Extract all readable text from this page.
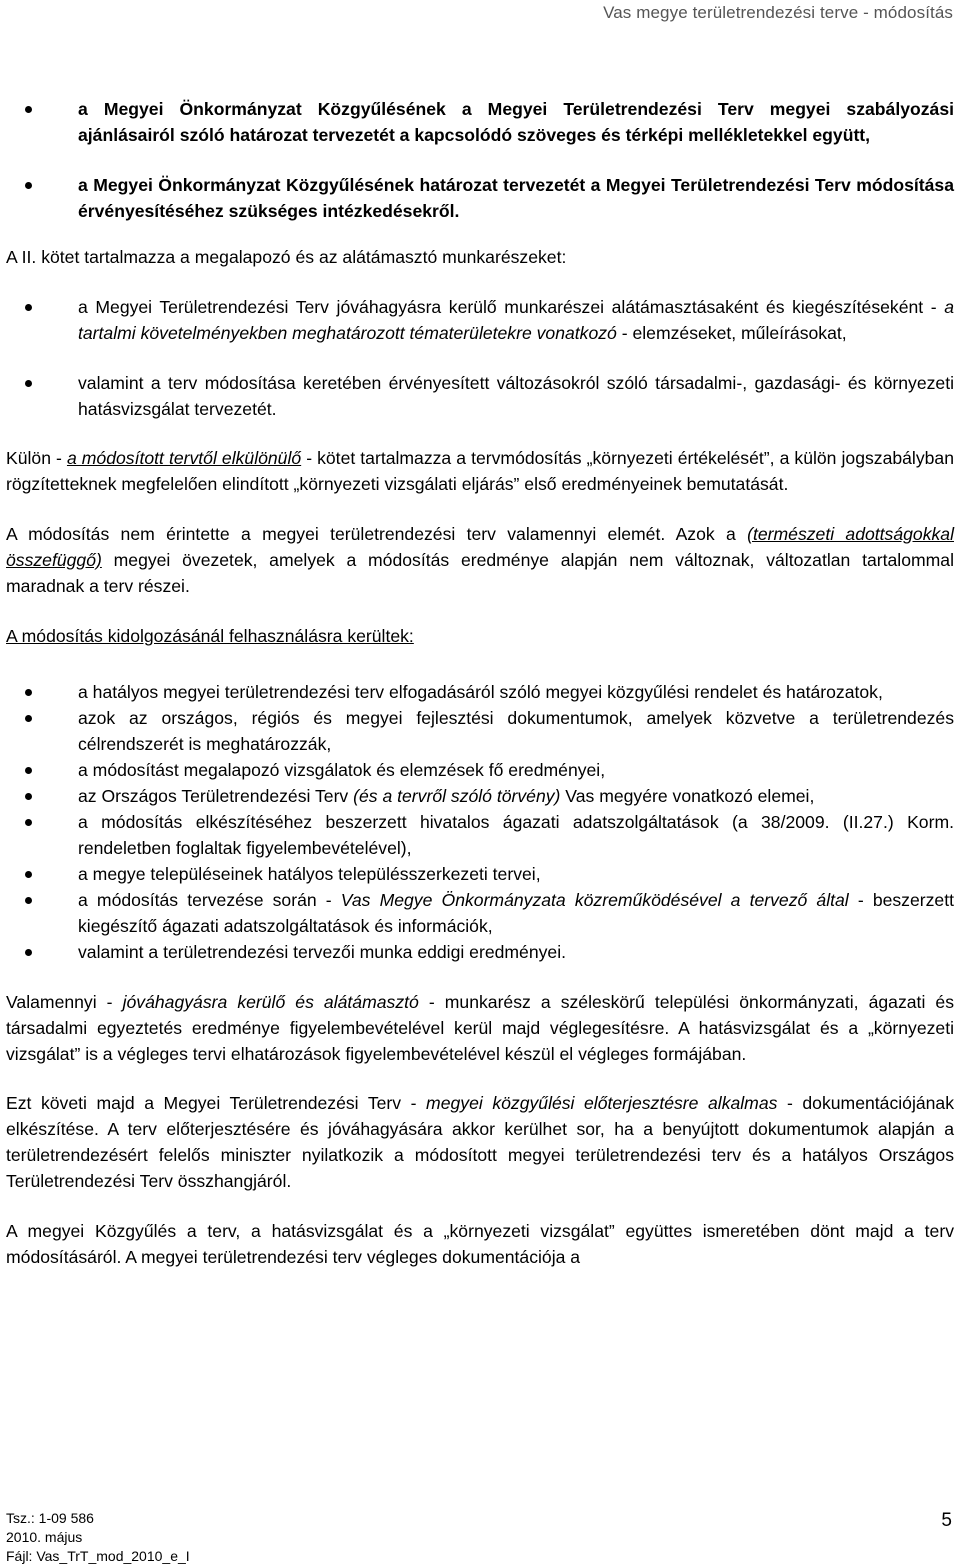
Vas megye területrendezési terve - módosítás
a Megyei Önkormányzat Közgyűlésének a Megyei Területrendezési Terv megyei szabályozási ajánlásairól szóló határozat tervezetét a kapcsolódó szöveges és térképi mellékletekkel együtt,
a Megyei Önkormányzat Közgyűlésének határozat tervezetét a Megyei Területrendezési Terv módosítása érvényesítéséhez szükséges intézkedésekről.

A II. kötet tartalmazza a megalapozó és az alátámasztó munkarészeket:

a Megyei Területrendezési Terv jóváhagyásra kerülő munkarészei alátámasztásaként és kiegészítéseként - a tartalmi követelményekben meghatározott tématerületekre vonatkozó - elemzéseket, műleírásokat,
valamint a terv módosítása keretében érvényesített változásokról szóló társadalmi-, gazdasági- és környezeti hatásvizsgálat tervezetét.

Külön - a módosított tervtől elkülönülő - kötet tartalmazza a tervmódosítás „környezeti értékelését”, a külön jogszabályban rögzítetteknek megfelelően elindított „környezeti vizsgálati eljárás” első eredményeinek bemutatását.

A módosítás nem érintette a megyei területrendezési terv valamennyi elemét. Azok a (természeti adottságokkal összefüggő) megyei övezetek, amelyek a módosítás eredménye alapján nem változnak, változatlan tartalommal maradnak a terv részei.

A módosítás kidolgozásánál felhasználásra kerültek:

a hatályos megyei területrendezési terv elfogadásáról szóló megyei közgyűlési rendelet és határozatok,
azok az országos, régiós és megyei fejlesztési dokumentumok, amelyek közvetve a területrendezés célrendszerét is meghatározzák,
a módosítást megalapozó vizsgálatok és elemzések fő eredményei,
az Országos Területrendezési Terv (és a tervről szóló törvény) Vas megyére vonatkozó elemei,
a módosítás elkészítéséhez beszerzett hivatalos ágazati adatszolgáltatások (a 38/2009. (II.27.) Korm. rendeletben foglaltak figyelembevételével),
a megye településeinek hatályos településszerkezeti tervei,
a módosítás tervezése során - Vas Megye Önkormányzata közreműködésével a tervező által - beszerzett kiegészítő ágazati adatszolgáltatások és információk,
valamint a területrendezési tervezői munka eddigi eredményei.

Valamennyi - jóváhagyásra kerülő és alátámasztó - munkarész a széleskörű települési önkormányzati, ágazati és társadalmi egyeztetés eredménye figyelembevételével kerül majd véglegesítésre. A hatásvizsgálat és a „környezeti vizsgálat” is a végleges tervi elhatározások figyelembevételével készül el végleges formájában.

Ezt követi majd a Megyei Területrendezési Terv - megyei közgyűlési előterjesztésre alkalmas - dokumentációjának elkészítése. A terv előterjesztésére és jóváhagyására akkor kerülhet sor, ha a benyújtott dokumentumok alapján a területrendezésért felelős miniszter nyilatkozik a módosított megyei területrendezési terv és a hatályos Országos Területrendezési Terv összhangjáról.

A megyei Közgyűlés a terv, a hatásvizsgálat és a „környezeti vizsgálat” együttes ismeretében dönt majd a terv módosításáról. A megyei területrendezési terv végleges dokumentációja a

Tsz.: 1-09 586
2010. május
Fájl: Vas_TrT_mod_2010_e_I
5
